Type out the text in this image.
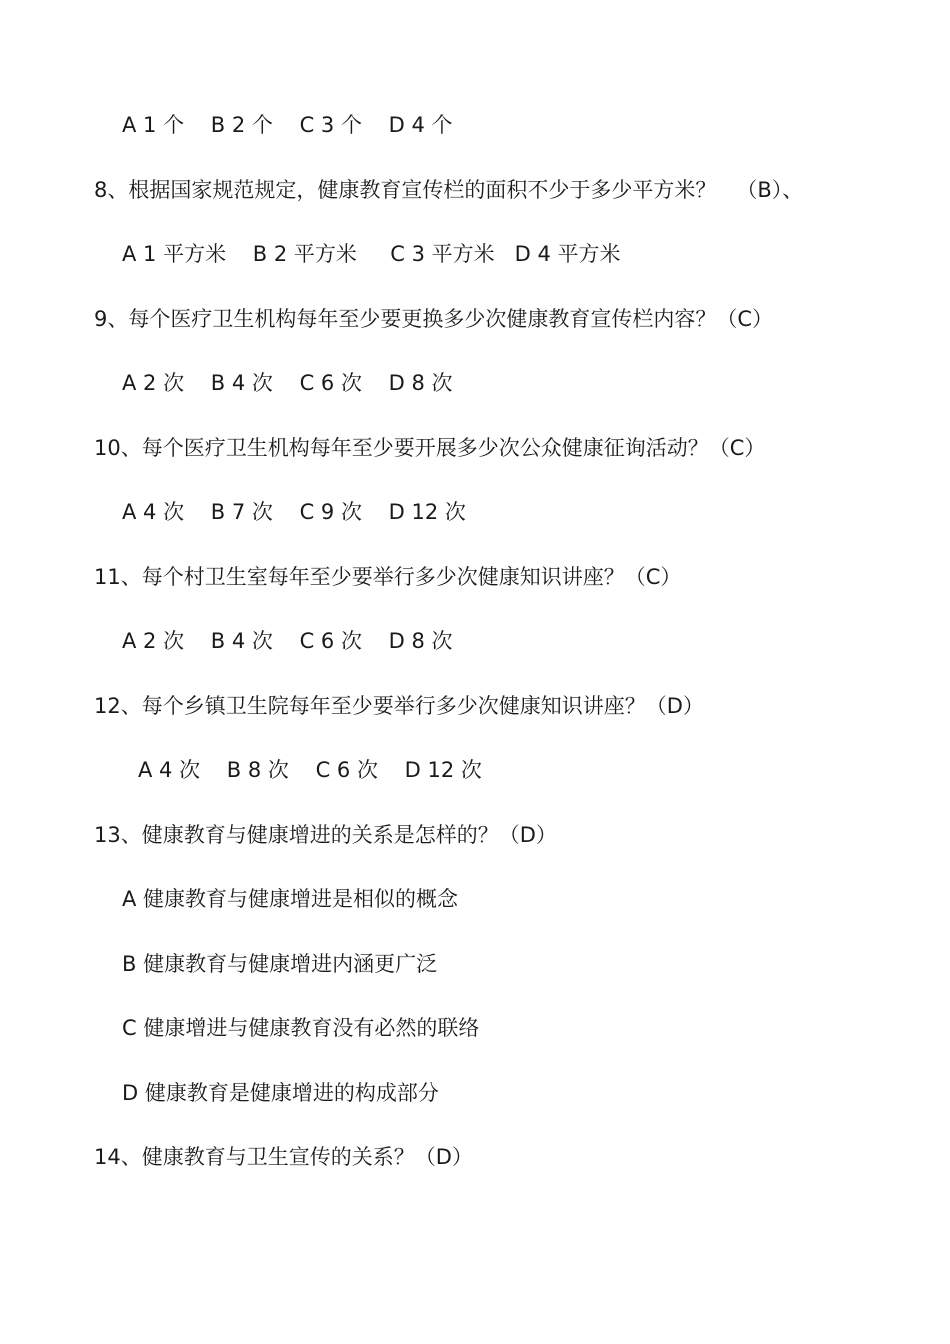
A 1 个    B 2 个    C 3 个    D 4 个
8、根据国家规范规定，健康教育宣传栏的面积不少于多少平方米？   （B）、
A 1 平方米    B 2 平方米     C 3 平方米   D 4 平方米
9、每个医疗卫生机构每年至少要更换多少次健康教育宣传栏内容？（C）
A 2 次    B 4 次    C 6 次    D 8 次
10、每个医疗卫生机构每年至少要开展多少次公众健康征询活动？（C）
A 4 次    B 7 次    C 9 次    D 12 次
11、每个村卫生室每年至少要举行多少次健康知识讲座？（C）
A 2 次    B 4 次    C 6 次    D 8 次
12、每个乡镇卫生院每年至少要举行多少次健康知识讲座？（D）
A 4 次    B 8 次    C 6 次    D 12 次
13、健康教育与健康增进的关系是怎样的？（D）
A 健康教育与健康增进是相似的概念
B 健康教育与健康增进内涵更广泛
C 健康增进与健康教育没有必然的联络
D 健康教育是健康增进的构成部分
14、健康教育与卫生宣传的关系？（D）
